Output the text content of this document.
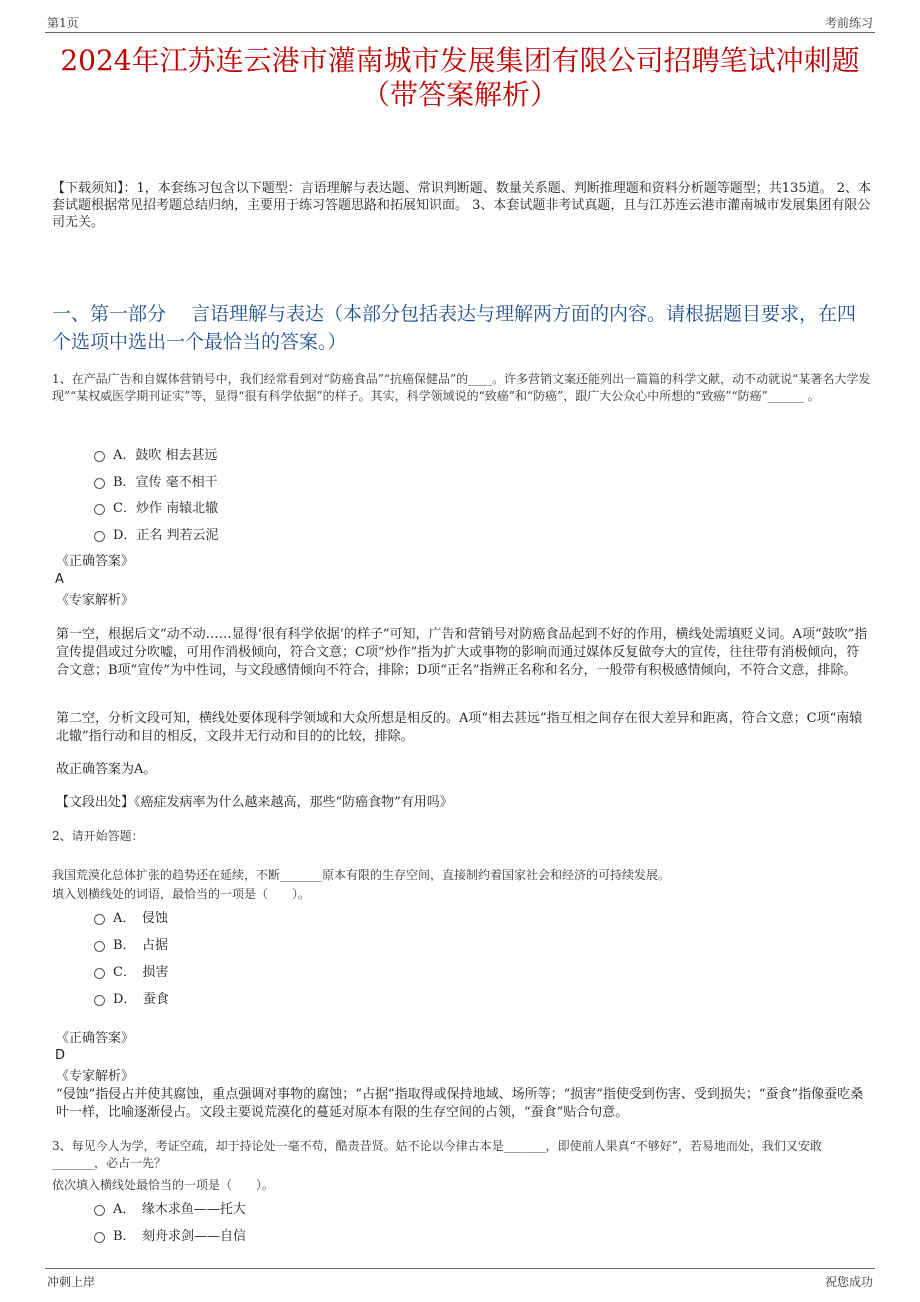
第1页	考前练习
2024年江苏连云港市灌南城市发展集团有限公司招聘笔试冲刺题（带答案解析）
【下载须知】：1，本套练习包含以下题型：言语理解与表达题、常识判断题、数量关系题、判断推理题和资料分析题等题型；共135道。 2、本套试题根据常见招考题总结归纳，主要用于练习答题思路和拓展知识面。 3、本套试题非考试真题，且与江苏连云港市灌南城市发展集团有限公司无关。
一、第一部分　 言语理解与表达（本部分包括表达与理解两方面的内容。请根据题目要求，在四个选项中选出一个最恰当的答案。）
1、在产品广告和自媒体营销号中，我们经常看到对“防癌食品”“抗癌保健品”的____。许多营销文案还能列出一篇篇的科学文献，动不动就说“某著名大学发现”“某权威医学期刊证实”等，显得“很有科学依据”的样子。其实，科学领域说的“致癌”和“防癌”，跟广大公众心中所想的“致癌”“防癌”______ 。
A．鼓吹 相去甚远
B．宣传 毫不相干
C．炒作 南辕北辙
D．正名 判若云泥
《正确答案》
A
《专家解析》
第一空，根据后文“动不动……显得‘很有科学依据’的样子”可知，广告和营销号对防癌食品起到不好的作用，横线处需填贬义词。A项“鼓吹”指宣传提倡或过分吹嘘，可用作消极倾向，符合文意；C项“炒作”指为扩大或事物的影响而通过媒体反复做夸大的宣传，往往带有消极倾向，符合文意；B项“宣传”为中性词，与文段感情倾向不符合，排除；D项“正名”指辨正名称和名分，一般带有积极感情倾向，不符合文意，排除。
第二空，分析文段可知，横线处要体现科学领域和大众所想是相反的。A项“相去甚远”指互相之间存在很大差异和距离，符合文意；C项“南辕北辙”指行动和目的相反，文段并无行动和目的的比较，排除。
故正确答案为A。
【文段出处】《癌症发病率为什么越来越高，那些“防癌食物”有用吗》
2、请开始答题：
我国荒漠化总体扩张的趋势还在延续，不断_______原本有限的生存空间，直接制约着国家社会和经济的可持续发展。
填入划横线处的词语，最恰当的一项是（　　）。
A．　侵蚀
B．　占据
C．　损害
D．　蚕食
《正确答案》
D
《专家解析》
“侵蚀”指侵占并使其腐蚀，重点强调对事物的腐蚀；“占据”指取得或保持地域、场所等；“损害”指使受到伤害、受到损失；“蚕食”指像蚕吃桑叶一样，比喻逐渐侵占。文段主要说荒漠化的蔓延对原本有限的生存空间的占领，“蚕食”贴合句意。
3、每见今人为学，考证空疏，却于持论处一毫不苟，酷责昔贤。姑不论以今律古本是_______，即使前人果真“不够好”，若易地而处，我们又安敢_______，必占一先？
依次填入横线处最恰当的一项是（　　）。
A．　缘木求鱼——托大
B．　刻舟求剑——自信
冲刺上岸	祝您成功
